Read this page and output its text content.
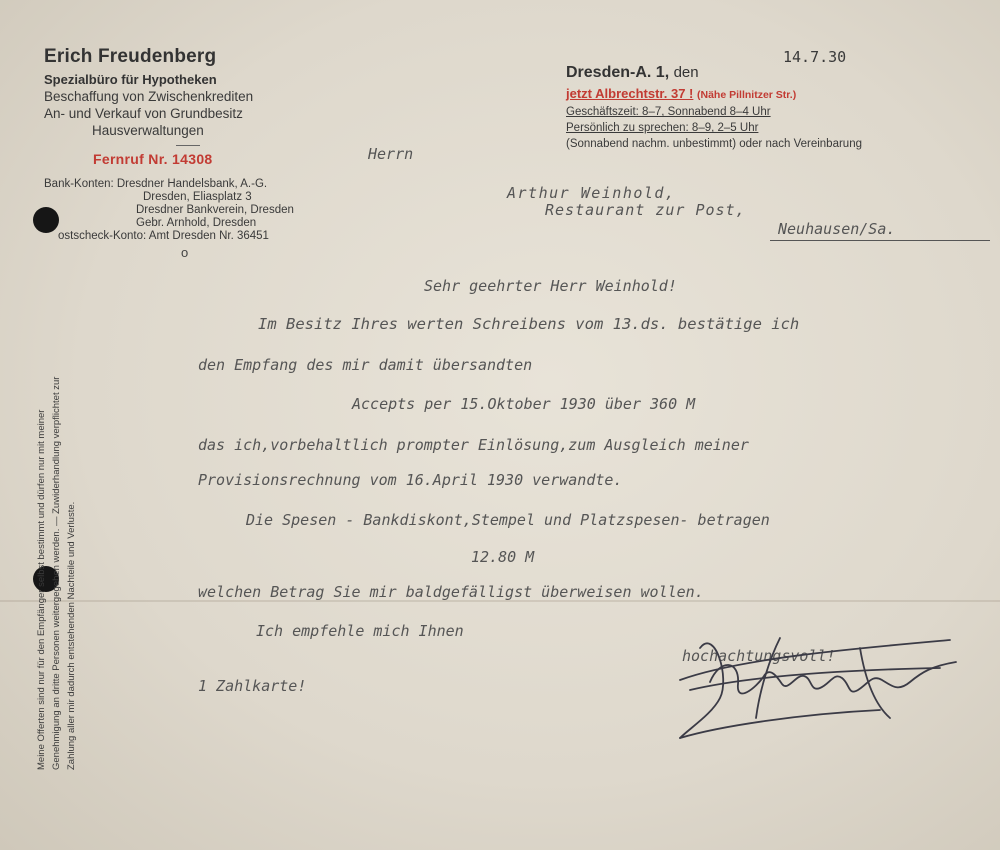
Erich Freudenberg
Spezialbüro für Hypotheken
Beschaffung von Zwischenkrediten
An- und Verkauf von Grundbesitz
Hausverwaltungen
Fernruf Nr. 14308
Bank-Konten: Dresdner Handelsbank, A.-G.
Dresden, Eliasplatz 3
Dresdner Bankverein, Dresden
Gebr. Arnhold, Dresden
ostscheck-Konto: Amt Dresden Nr. 36451
o
14.7.30
Dresden-A. 1, den
jetzt Albrechtstr. 37 ! (Nähe Pillnitzer Str.)
Geschäftszeit: 8–7, Sonnabend 8–4 Uhr
Persönlich zu sprechen: 8–9, 2–5 Uhr
(Sonnabend nachm. unbestimmt) oder nach Vereinbarung
Herrn
Arthur Weinhold,
Restaurant zur Post,
Neuhausen/Sa.
Sehr geehrter Herr Weinhold!
Im Besitz Ihres werten Schreibens vom 13.ds. bestätige ich
den Empfang des mir damit übersandten
Accepts per 15.Oktober 1930 über 360 M
das ich,vorbehaltlich prompter Einlösung,zum Ausgleich meiner
Provisionsrechnung vom 16.April 1930 verwandte.
Die Spesen - Bankdiskont,Stempel und Platzspesen- betragen
12.80 M
welchen Betrag Sie mir baldgefälligst überweisen wollen.
Ich empfehle mich Ihnen
hochachtungsvoll!
1 Zahlkarte!
Meine Offerten sind nur für den Empfänger selbst bestimmt und dürfen nur mit meiner Genehmigung an dritte Personen weitergegeben werden. — Zuwiderhandlung verpflichtet zur Zahlung aller mir dadurch entstehenden Nachteile und Verluste.
